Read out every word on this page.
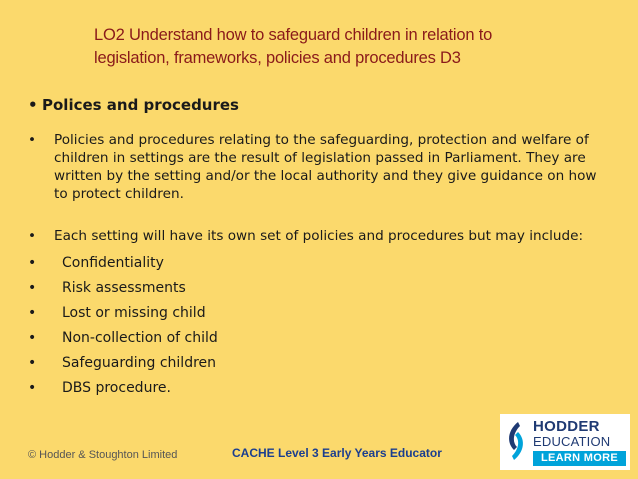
LO2 Understand how to safeguard children in relation to
legislation, frameworks, policies and procedures D3
• Polices and procedures
• Policies and procedures relating to the safeguarding, protection and welfare of children in settings are the result of legislation passed in Parliament. They are written by the setting and/or the local authority and they give guidance on how to protect children.
• Each setting will have its own set of policies and procedures but may include:
• Confidentiality
• Risk assessments
• Lost or missing child
• Non-collection of child
• Safeguarding children
• DBS procedure.
© Hodder & Stoughton Limited	CACHE Level 3 Early Years Educator
HODDER
EDUCATION
LEARN MORE
